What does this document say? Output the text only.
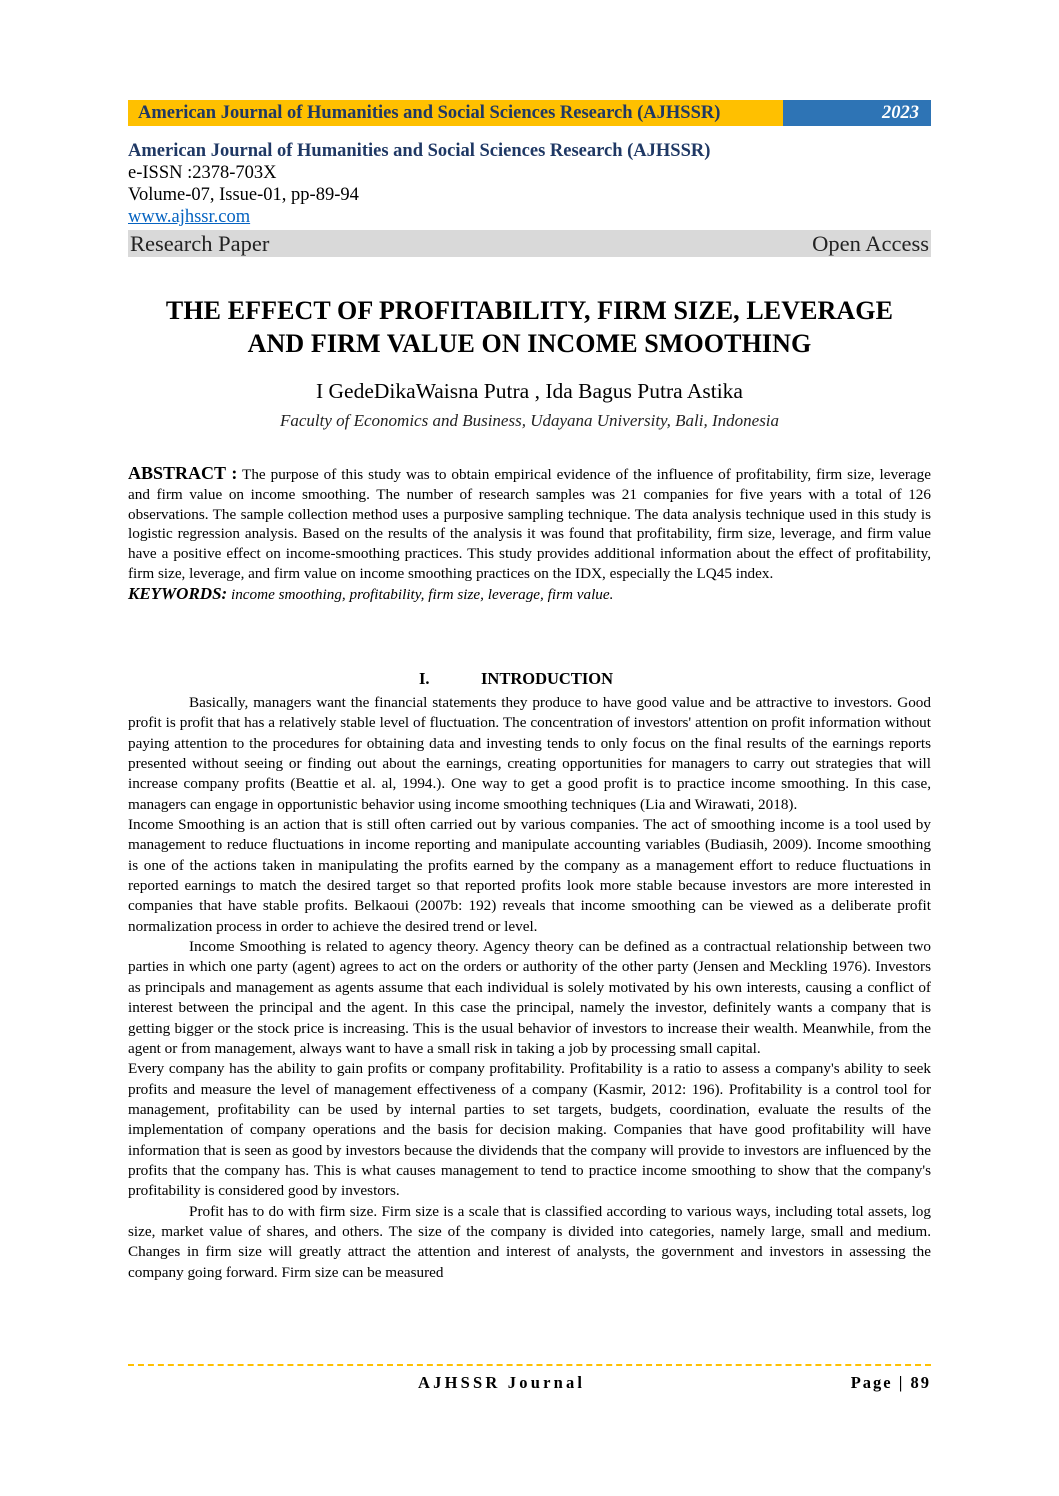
American Journal of Humanities and Social Sciences Research (AJHSSR)	2023
American Journal of Humanities and Social Sciences Research (AJHSSR)
e-ISSN :2378-703X
Volume-07, Issue-01, pp-89-94
www.ajhssr.com
Research Paper	Open Access
THE EFFECT OF PROFITABILITY, FIRM SIZE, LEVERAGE
AND FIRM VALUE ON INCOME SMOOTHING
I GedeDikaWaisna Putra , Ida Bagus Putra Astika
Faculty of Economics and Business, Udayana University, Bali, Indonesia
ABSTRACT : The purpose of this study was to obtain empirical evidence of the influence of profitability, firm size, leverage and firm value on income smoothing. The number of research samples was 21 companies for five years with a total of 126 observations. The sample collection method uses a purposive sampling technique. The data analysis technique used in this study is logistic regression analysis. Based on the results of the analysis it was found that profitability, firm size, leverage, and firm value have a positive effect on income-smoothing practices. This study provides additional information about the effect of profitability, firm size, leverage, and firm value on income smoothing practices on the IDX, especially the LQ45 index.
KEYWORDS: income smoothing, profitability, firm size, leverage, firm value.
I.	INTRODUCTION

Basically, managers want the financial statements they produce to have good value and be attractive to investors. Good profit is profit that has a relatively stable level of fluctuation. The concentration of investors' attention on profit information without paying attention to the procedures for obtaining data and investing tends to only focus on the final results of the earnings reports presented without seeing or finding out about the earnings, creating opportunities for managers to carry out strategies that will increase company profits (Beattie et al. al, 1994.). One way to get a good profit is to practice income smoothing. In this case, managers can engage in opportunistic behavior using income smoothing techniques (Lia and Wirawati, 2018).

Income Smoothing is an action that is still often carried out by various companies. The act of smoothing income is a tool used by management to reduce fluctuations in income reporting and manipulate accounting variables (Budiasih, 2009). Income smoothing is one of the actions taken in manipulating the profits earned by the company as a management effort to reduce fluctuations in reported earnings to match the desired target so that reported profits look more stable because investors are more interested in companies that have stable profits. Belkaoui (2007b: 192) reveals that income smoothing can be viewed as a deliberate profit normalization process in order to achieve the desired trend or level.

Income Smoothing is related to agency theory. Agency theory can be defined as a contractual relationship between two parties in which one party (agent) agrees to act on the orders or authority of the other party (Jensen and Meckling 1976). Investors as principals and management as agents assume that each individual is solely motivated by his own interests, causing a conflict of interest between the principal and the agent. In this case the principal, namely the investor, definitely wants a company that is getting bigger or the stock price is increasing. This is the usual behavior of investors to increase their wealth. Meanwhile, from the agent or from management, always want to have a small risk in taking a job by processing small capital.

Every company has the ability to gain profits or company profitability. Profitability is a ratio to assess a company's ability to seek profits and measure the level of management effectiveness of a company (Kasmir, 2012: 196). Profitability is a control tool for management, profitability can be used by internal parties to set targets, budgets, coordination, evaluate the results of the implementation of company operations and the basis for decision making. Companies that have good profitability will have information that is seen as good by investors because the dividends that the company will provide to investors are influenced by the profits that the company has. This is what causes management to tend to practice income smoothing to show that the company's profitability is considered good by investors.

Profit has to do with firm size. Firm size is a scale that is classified according to various ways, including total assets, log size, market value of shares, and others. The size of the company is divided into categories, namely large, small and medium. Changes in firm size will greatly attract the attention and interest of analysts, the government and investors in assessing the company going forward. Firm size can be measured

AJHSSR Journal	Page | 89
